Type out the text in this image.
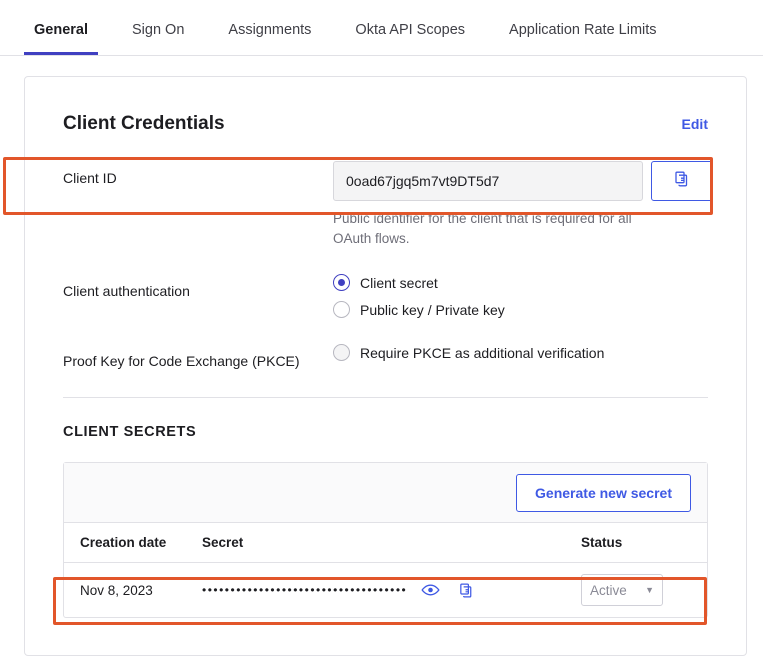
General	Sign On	Assignments	Okta API Scopes	Application Rate Limits
Client Credentials	Edit
Client ID
0oad67jgq5m7vt9DT5d7
Public identifier for the client that is required for all OAuth flows.
Client authentication
Client secret
Public key / Private key
Proof Key for Code Exchange (PKCE)
Require PKCE as additional verification
CLIENT SECRETS
Generate new secret
Creation date	Secret	Status
Nov 8, 2023	••••••••••••••••••••••••••••••••••••	Active ▼
